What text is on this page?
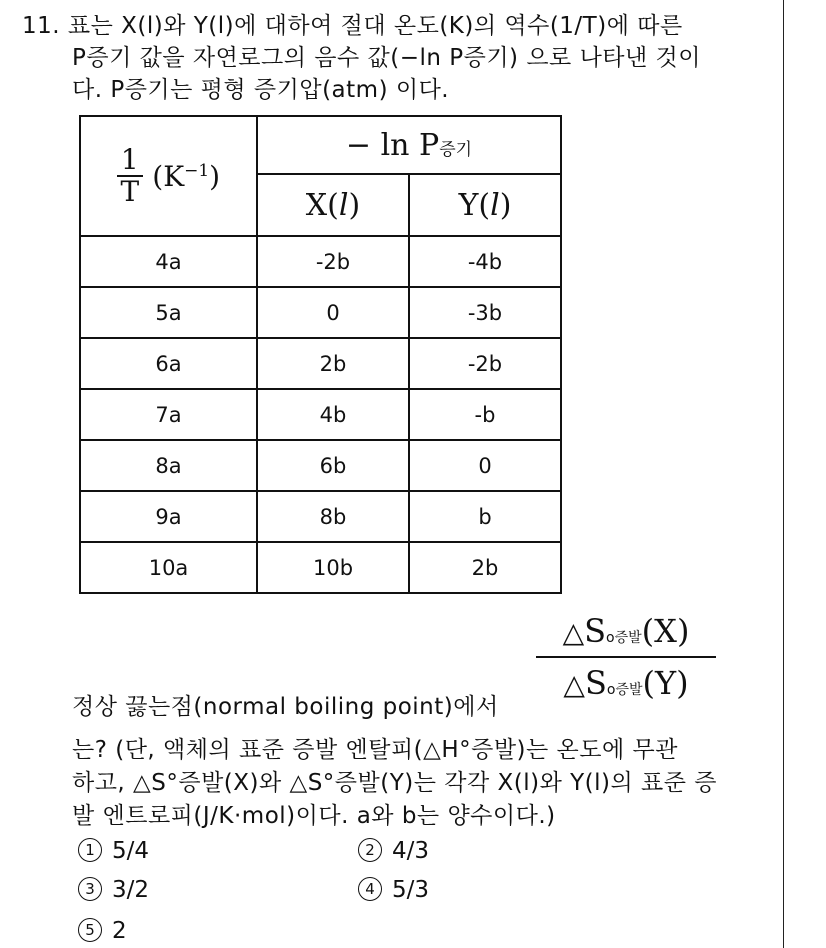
11. 표는 X(l)와 Y(l)에 대하여 절대 온도(K)의 역수(1/T)에 따른
P증기 값을 자연로그의 음수 값(−ln P증기) 으로 나타낸 것이
다. P증기는 평형 증기압(atm) 이다.
$\frac{1}{T} (K^{-1})$	− ln P증기	
	X(l)	Y(l)
4a	-2b	-4b
5a	0	-3b
6a	2b	-2b
7a	4b	-b
8a	6b	0
9a	8b	b
10a	10b	2b
△So증발(X)
△So증발(Y)
정상 끓는점(normal boiling point)에서
는? (단, 액체의 표준 증발 엔탈피(△H°증발)는 온도에 무관
하고, △S°증발(X)와 △S°증발(Y)는 각각 X(l)와 Y(l)의 표준 증
발 엔트로피(J/K·mol)이다. a와 b는 양수이다.)
1 5/4	2 4/3
3 3/2	4 5/3
5 2
